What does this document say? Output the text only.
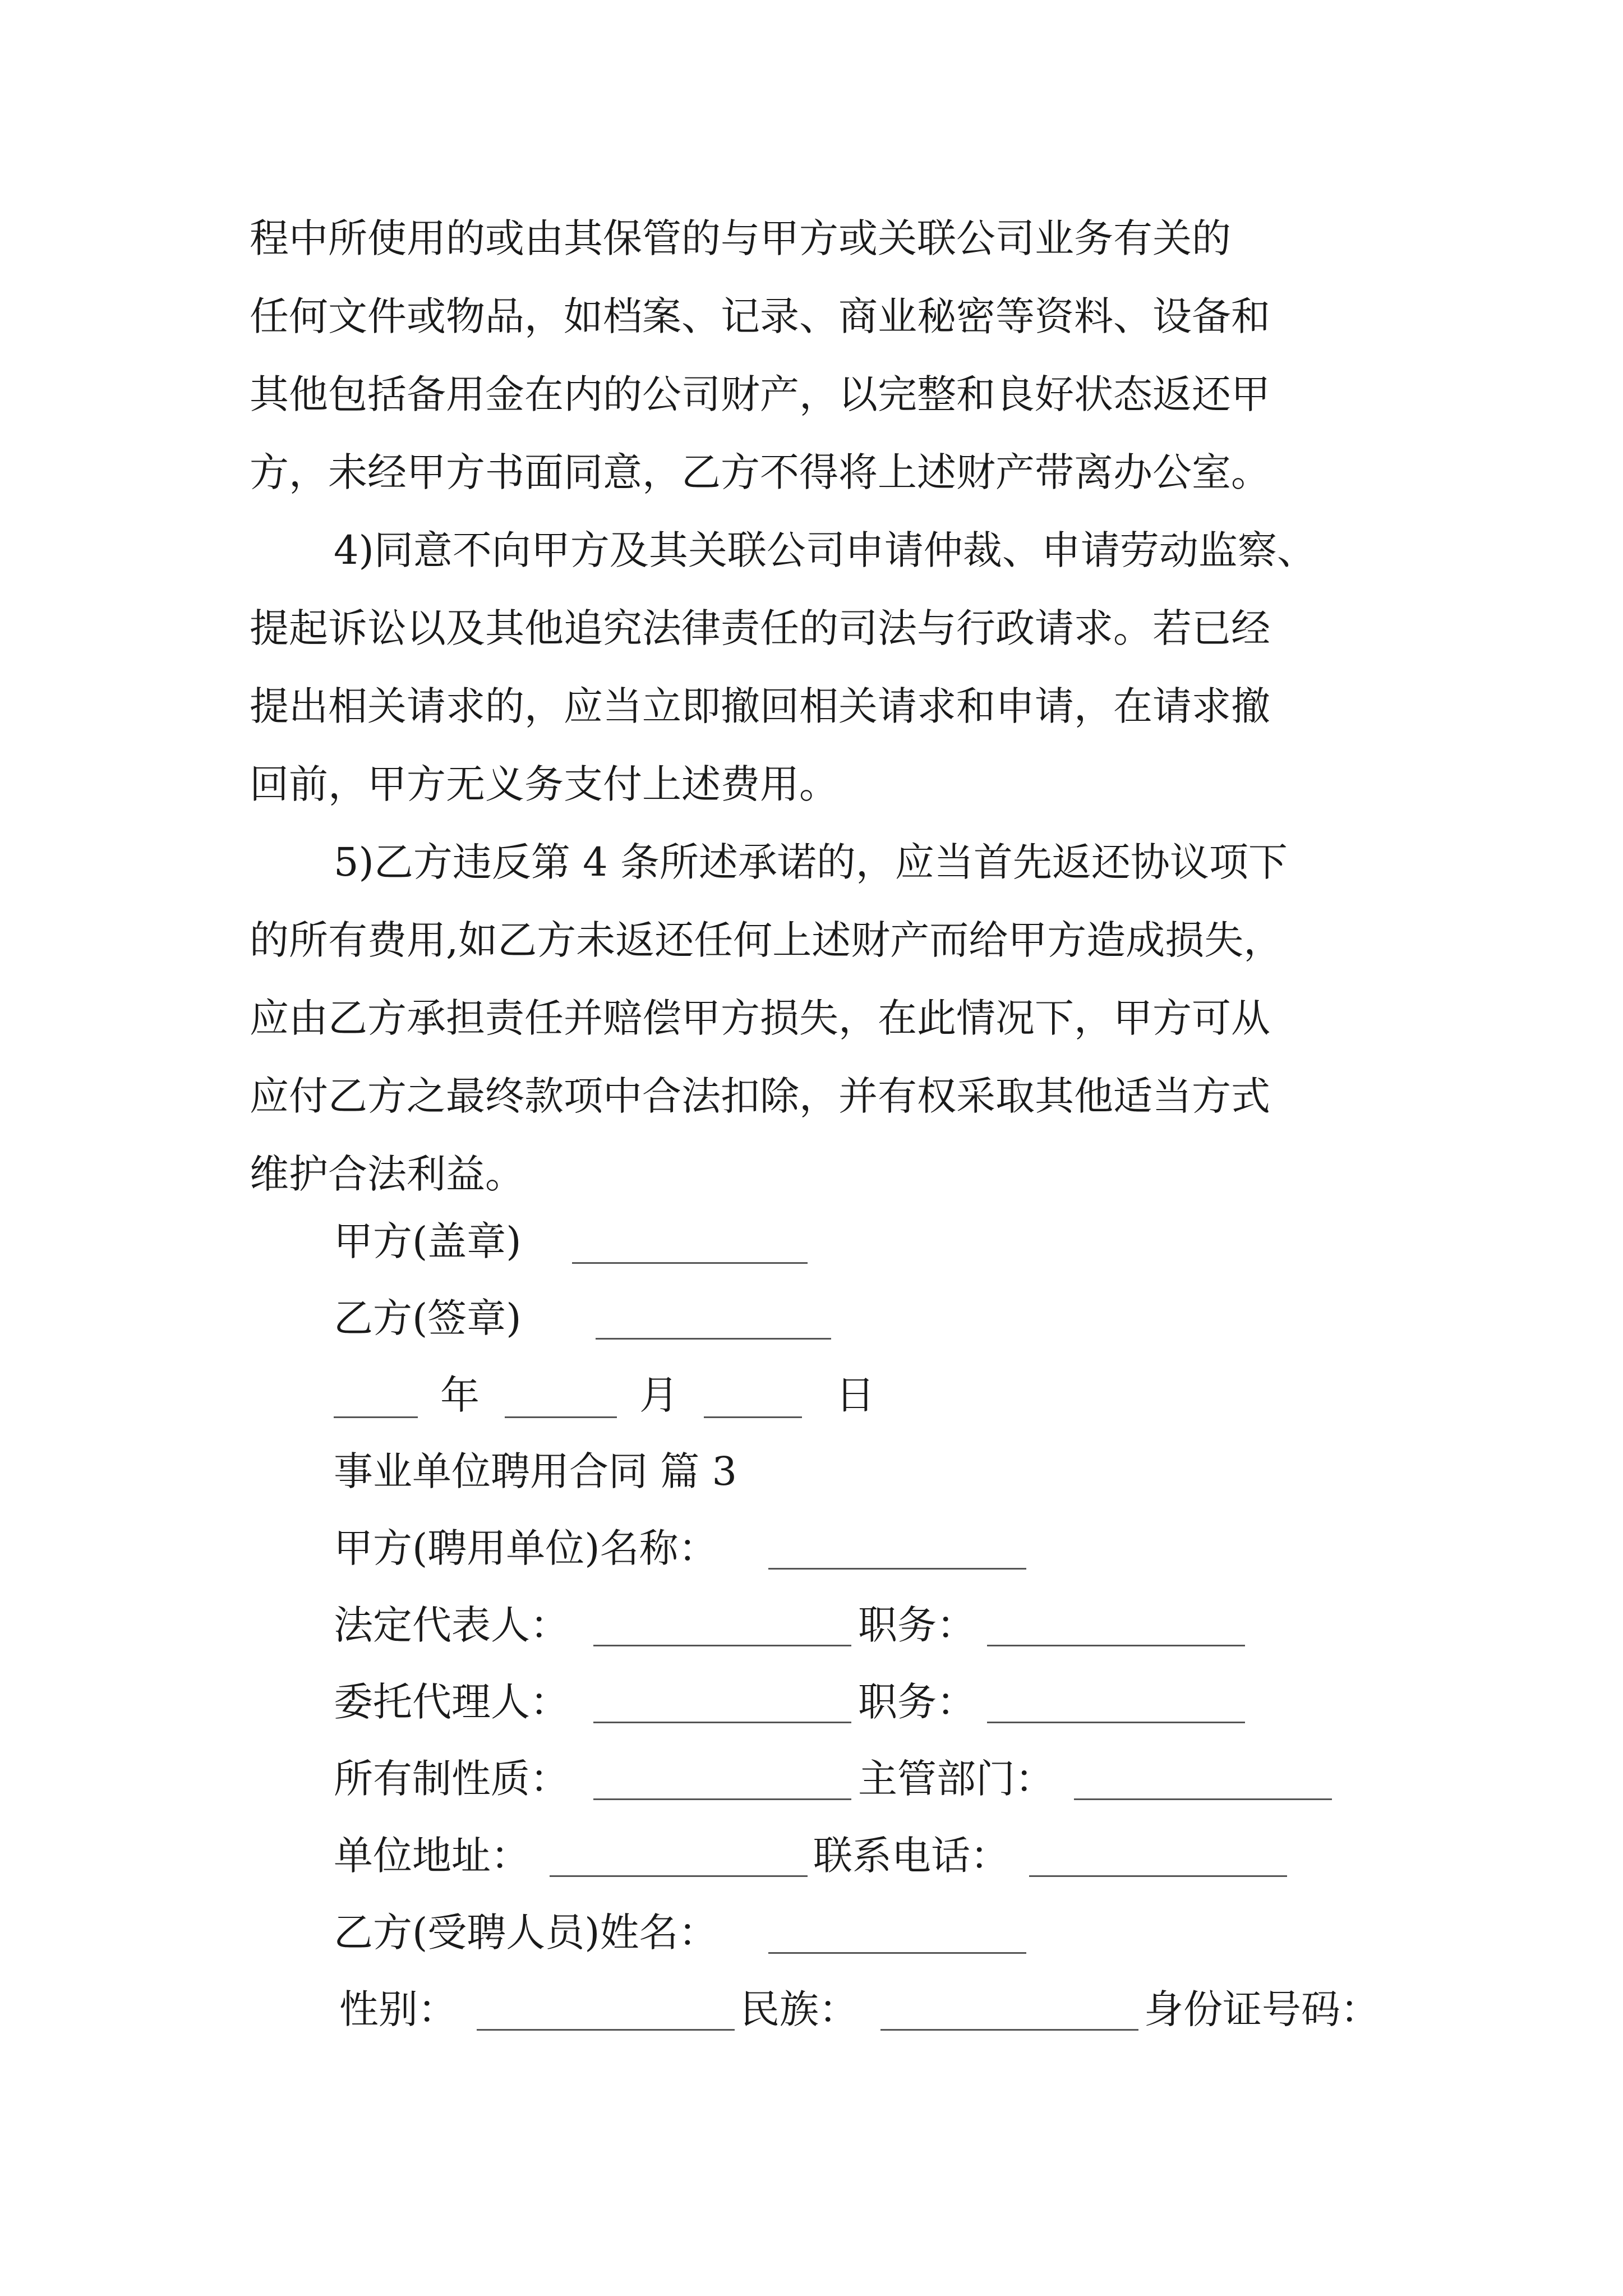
程中所使用的或由其保管的与甲方或关联公司业务有关的
任何文件或物品，如档案、记录、商业秘密等资料、设备和
其他包括备用金在内的公司财产，以完整和良好状态返还甲
方，未经甲方书面同意，乙方不得将上述财产带离办公室。
4)同意不向甲方及其关联公司申请仲裁、申请劳动监察、
提起诉讼以及其他追究法律责任的司法与行政请求。若已经
提出相关请求的，应当立即撤回相关请求和申请，在请求撤
回前，甲方无义务支付上述费用。
5)乙方违反第 4 条所述承诺的，应当首先返还协议项下
的所有费用,如乙方未返还任何上述财产而给甲方造成损失，
应由乙方承担责任并赔偿甲方损失，在此情况下，甲方可从
应付乙方之最终款项中合法扣除，并有权采取其他适当方式
维护合法利益。
甲方(盖章)
乙方(签章)
年	月	日
事业单位聘用合同 篇 3
甲方(聘用单位)名称：
法定代表人：	职务：
委托代理人：	职务：
所有制性质：	主管部门：
单位地址：	联系电话：
乙方(受聘人员)姓名：
性别：	民族：	身份证号码：
